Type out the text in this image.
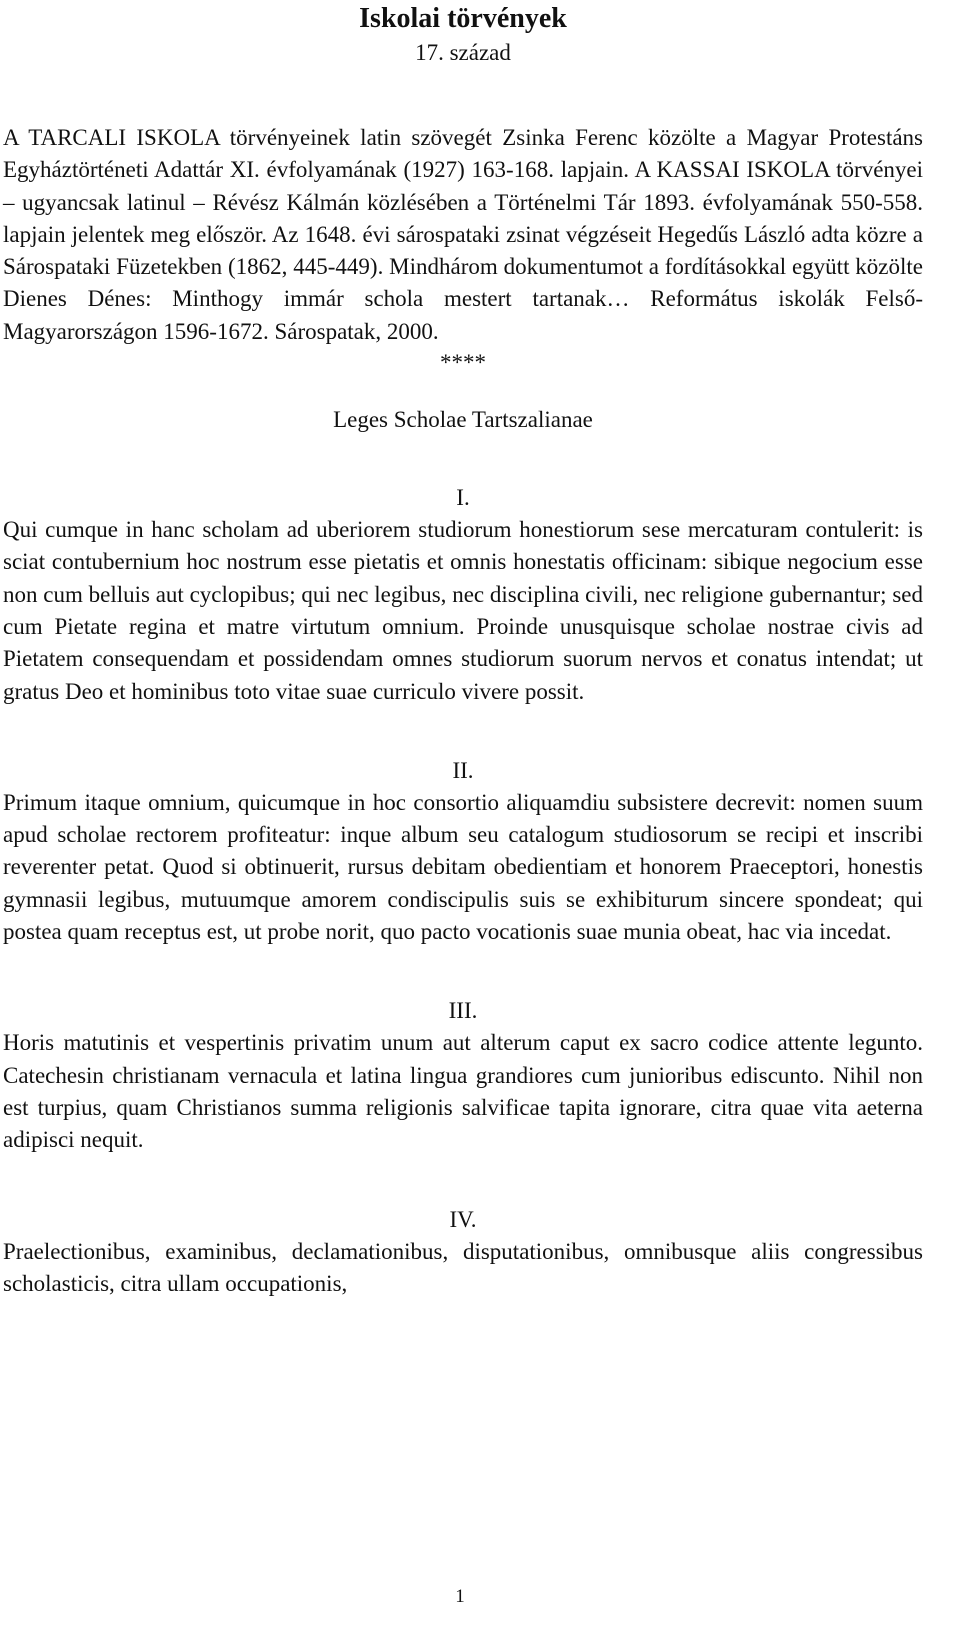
Iskolai törvények
17. század

A TARCALI ISKOLA törvényeinek latin szövegét Zsinka Ferenc közölte a Magyar Protestáns Egyháztörténeti Adattár XI. évfolyamának (1927) 163-168. lapjain. A KASSAI ISKOLA törvényei – ugyancsak latinul – Révész Kálmán közlésében a Történelmi Tár 1893. évfolyamának 550-558. lapjain jelentek meg először. Az 1648. évi sárospataki zsinat végzéseit Hegedűs László adta közre a Sárospataki Füzetekben (1862, 445-449). Mindhárom dokumentumot a fordításokkal együtt közölte Dienes Dénes: Minthogy immár schola mestert tartanak… Református iskolák Felső-Magyarországon 1596-1672. Sárospatak, 2000.

****
Leges Scholae Tartszalianae
I.

Qui cumque in hanc scholam ad uberiorem studiorum honestiorum sese mercaturam contulerit: is sciat contubernium hoc nostrum esse pietatis et omnis honestatis officinam: sibique negocium esse non cum belluis aut cyclopibus; qui nec legibus, nec disciplina civili, nec religione gubernantur; sed cum Pietate regina et matre virtutum omnium. Proinde unusquisque scholae nostrae civis ad Pietatem consequendam et possidendam omnes studiorum suorum nervos et conatus intendat; ut gratus Deo et hominibus toto vitae suae curriculo vivere possit.

II.

Primum itaque omnium, quicumque in hoc consortio aliquamdiu subsistere decrevit: nomen suum apud scholae rectorem profiteatur: inque album seu catalogum studiosorum se recipi et inscribi reverenter petat. Quod si obtinuerit, rursus debitam obedientiam et honorem Praeceptori, honestis gymnasii legibus, mutuumque amorem condiscipulis suis se exhibiturum sincere spondeat; qui postea quam receptus est, ut probe norit, quo pacto vocationis suae munia obeat, hac via incedat.

III.

Horis matutinis et vespertinis privatim unum aut alterum caput ex sacro codice attente legunto. Catechesin christianam vernacula et latina lingua grandiores cum junioribus ediscunto. Nihil non est turpius, quam Christianos summa religionis salvificae tapita ignorare, citra quae vita aeterna adipisci nequit.

IV.

Praelectionibus, examinibus, declamationibus, disputationibus, omnibusque aliis congressibus scholasticis, citra ullam occupationis,

1
